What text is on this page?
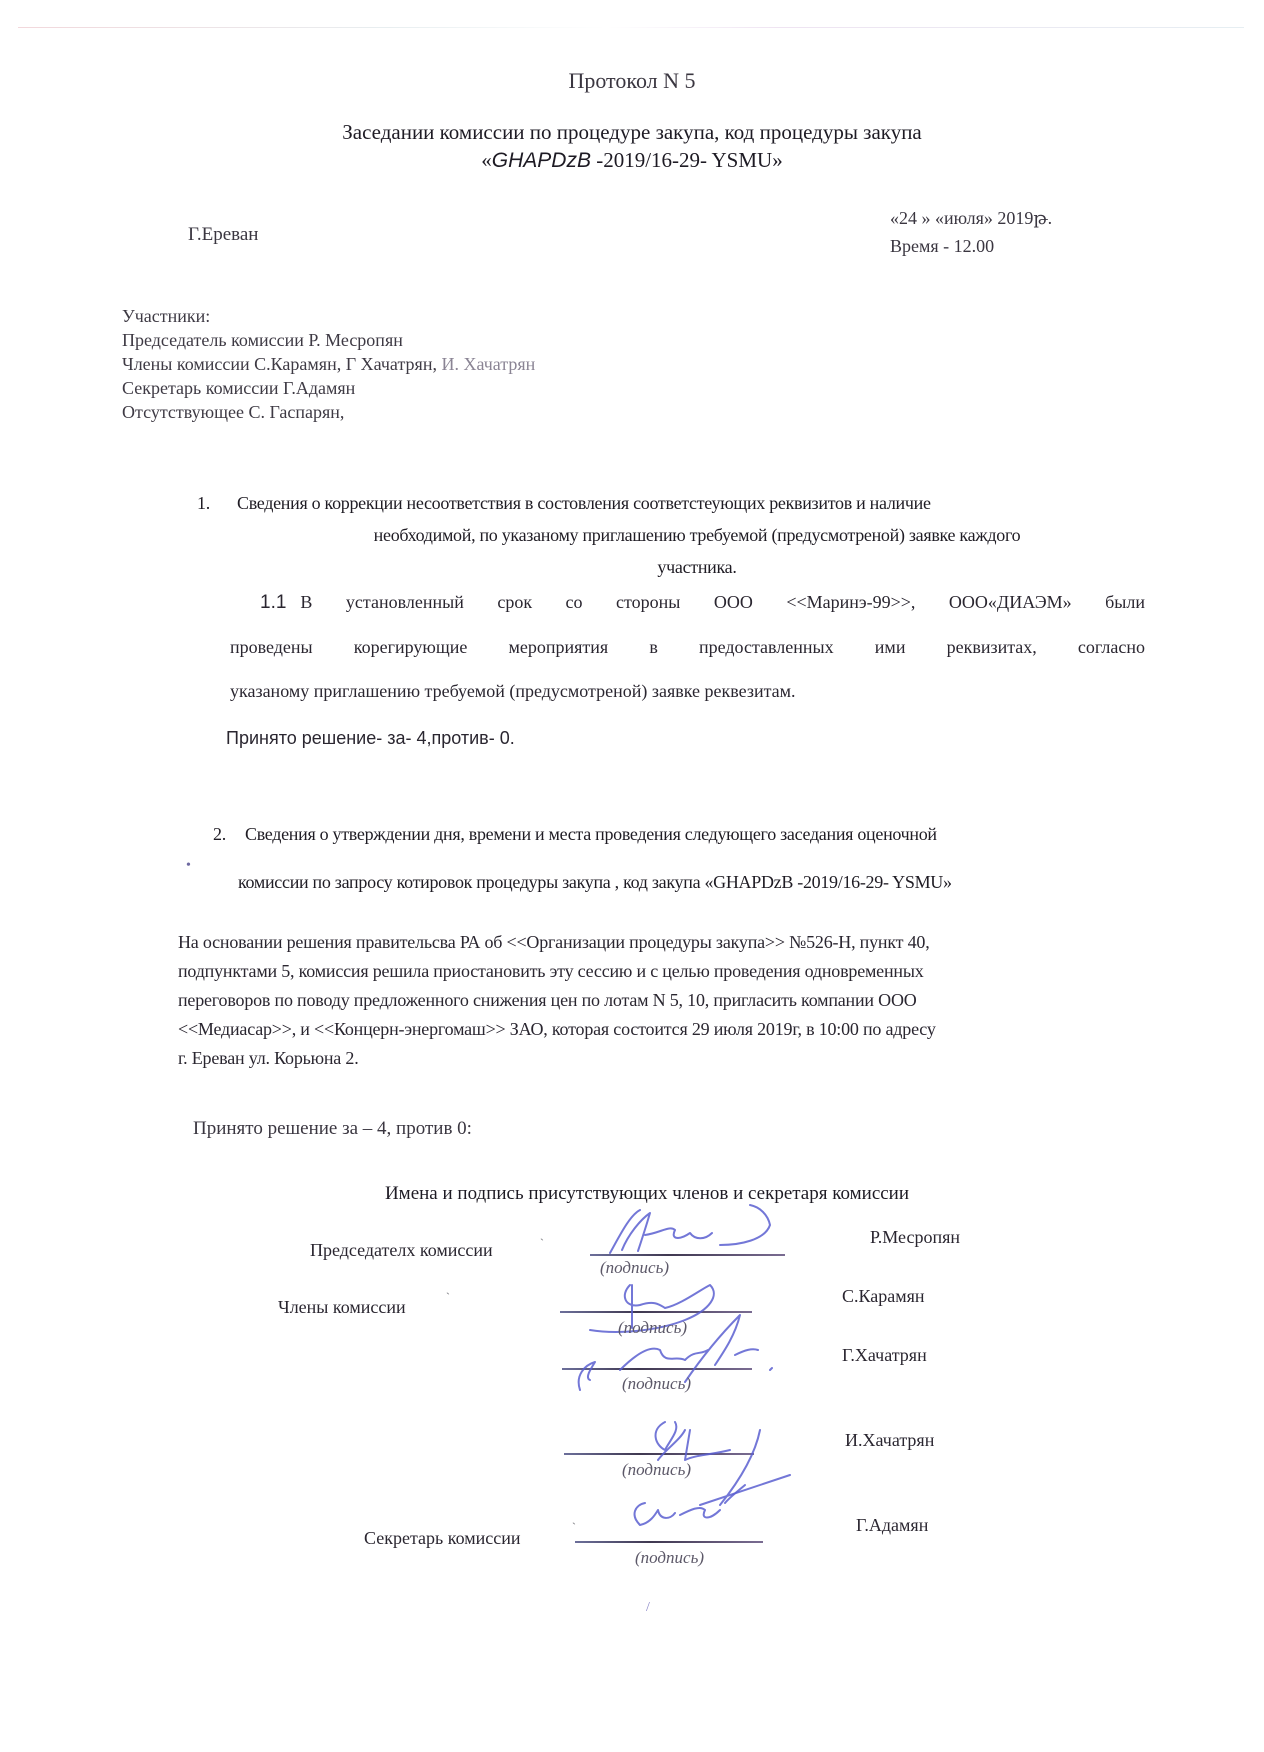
Протокол N 5
Заседании комиссии по процедуре закупа, код процедуры закупа
«GHAPDzB -2019/16-29- YSMU»
Г.Ереван
«24 » «июля» 2019թ.
Время - 12.00
Участники:
Председатель комиссии Р. Месропян
Члены комиссии С.Карамян, Г Хачатрян, И. Хачатрян
Секретарь комиссии Г.Адамян
Отсутствующее С. Гаспарян,
1. Сведения о коррекции несоответствия в состовления соответстеующих реквизитов и наличие
необходимой, по указаному приглашению требуемой (предусмотреной) заявке каждого
участника.
1.1 В установленный срок со стороны ООО <<Маринэ-99>>, ООО«ДИАЭМ» были
проведены корегирующие мероприятия в предоставленных ими реквизитах, согласно
указаному приглашению требуемой (предусмотреной) заявке реквезитам.
Принято решение- за- 4,против- 0.
2. Сведения о утверждении дня, времени и места проведения следующего заседания оценочной
комиссии по запросу котировок процедуры закупа , код закупа «GHAPDzB -2019/16-29- YSMU»
•
На основании решения правительсва РА об <<Организации процедуры закупа>> №526-Н, пункт 40,
подпунктами 5, комиссия решила приостановить эту сессию и с целью проведения одновременных
переговоров по поводу предложенного снижения цен по лотам N 5, 10, пригласить компании ООО
<<Медиасар>>, и <<Концерн-энергомаш>> ЗАО, которая состоится 29 июля 2019г, в 10:00 по адресу
г. Ереван ул. Корьюна 2.
Принято решение за – 4, против 0:
Имена и подпись присутствующих членов и секретаря комиссии
Председателх комиссии	ˋ
(подпись)
Р.Месропян
Члены комиссии	ˋ
(подпись)
С.Карамян
(подпись)
Г.Хачатрян
(подпись)
И.Хачатрян
Секретарь комиссии
ˋ
(подпись)
Г.Адамян
/
